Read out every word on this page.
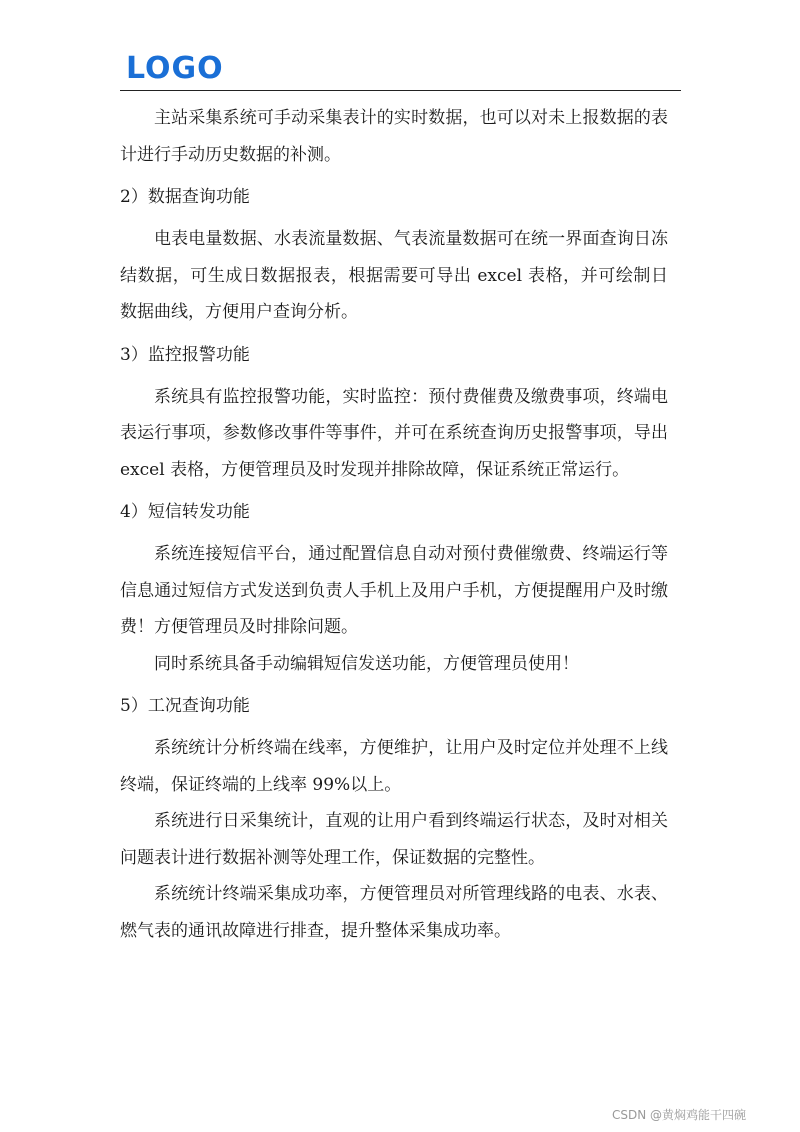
LOGO

主站采集系统可手动采集表计的实时数据，也可以对未上报数据的表计进行手动历史数据的补测。

2）数据查询功能

电表电量数据、水表流量数据、气表流量数据可在统一界面查询日冻结数据，可生成日数据报表，根据需要可导出 excel 表格，并可绘制日数据曲线，方便用户查询分析。

3）监控报警功能

系统具有监控报警功能，实时监控：预付费催费及缴费事项，终端电表运行事项，参数修改事件等事件，并可在系统查询历史报警事项，导出 excel 表格，方便管理员及时发现并排除故障，保证系统正常运行。

4）短信转发功能

系统连接短信平台，通过配置信息自动对预付费催缴费、终端运行等信息通过短信方式发送到负责人手机上及用户手机，方便提醒用户及时缴费！方便管理员及时排除问题。

同时系统具备手动编辑短信发送功能，方便管理员使用！

5）工况查询功能

系统统计分析终端在线率，方便维护，让用户及时定位并处理不上线终端，保证终端的上线率 99%以上。

系统进行日采集统计，直观的让用户看到终端运行状态，及时对相关问题表计进行数据补测等处理工作，保证数据的完整性。

系统统计终端采集成功率，方便管理员对所管理线路的电表、水表、燃气表的通讯故障进行排查，提升整体采集成功率。

CSDN @黄焖鸡能干四碗
